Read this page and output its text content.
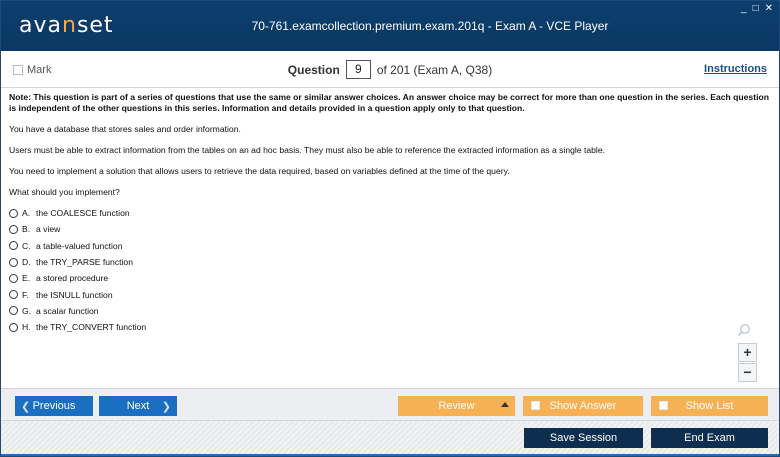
avanset	70-761.examcollection.premium.exam.201q - Exam A - VCE Player
_ □ ✕
Mark	Question	9	of 201 (Exam A, Q38)	Instructions
Note: This question is part of a series of questions that use the same or similar answer choices. An answer choice may be correct for more than one question in the series. Each question is independent of the other questions in this series. Information and details provided in a question apply only to that question.
You have a database that stores sales and order information.
Users must be able to extract information from the tables on an ad hoc basis. They must also be able to reference the extracted information as a single table.
You need to implement a solution that allows users to retrieve the data required, based on variables defined at the time of the query.
What should you implement?
A. the COALESCE function
B. a view
C. a table-valued function
D. the TRY_PARSE function
E. a stored procedure
F. the ISNULL function
G. a scalar function
H. the TRY_CONVERT function
+
−
❮ Previous	Next ❯	Review	Show Answer	Show List
Save Session	End Exam
